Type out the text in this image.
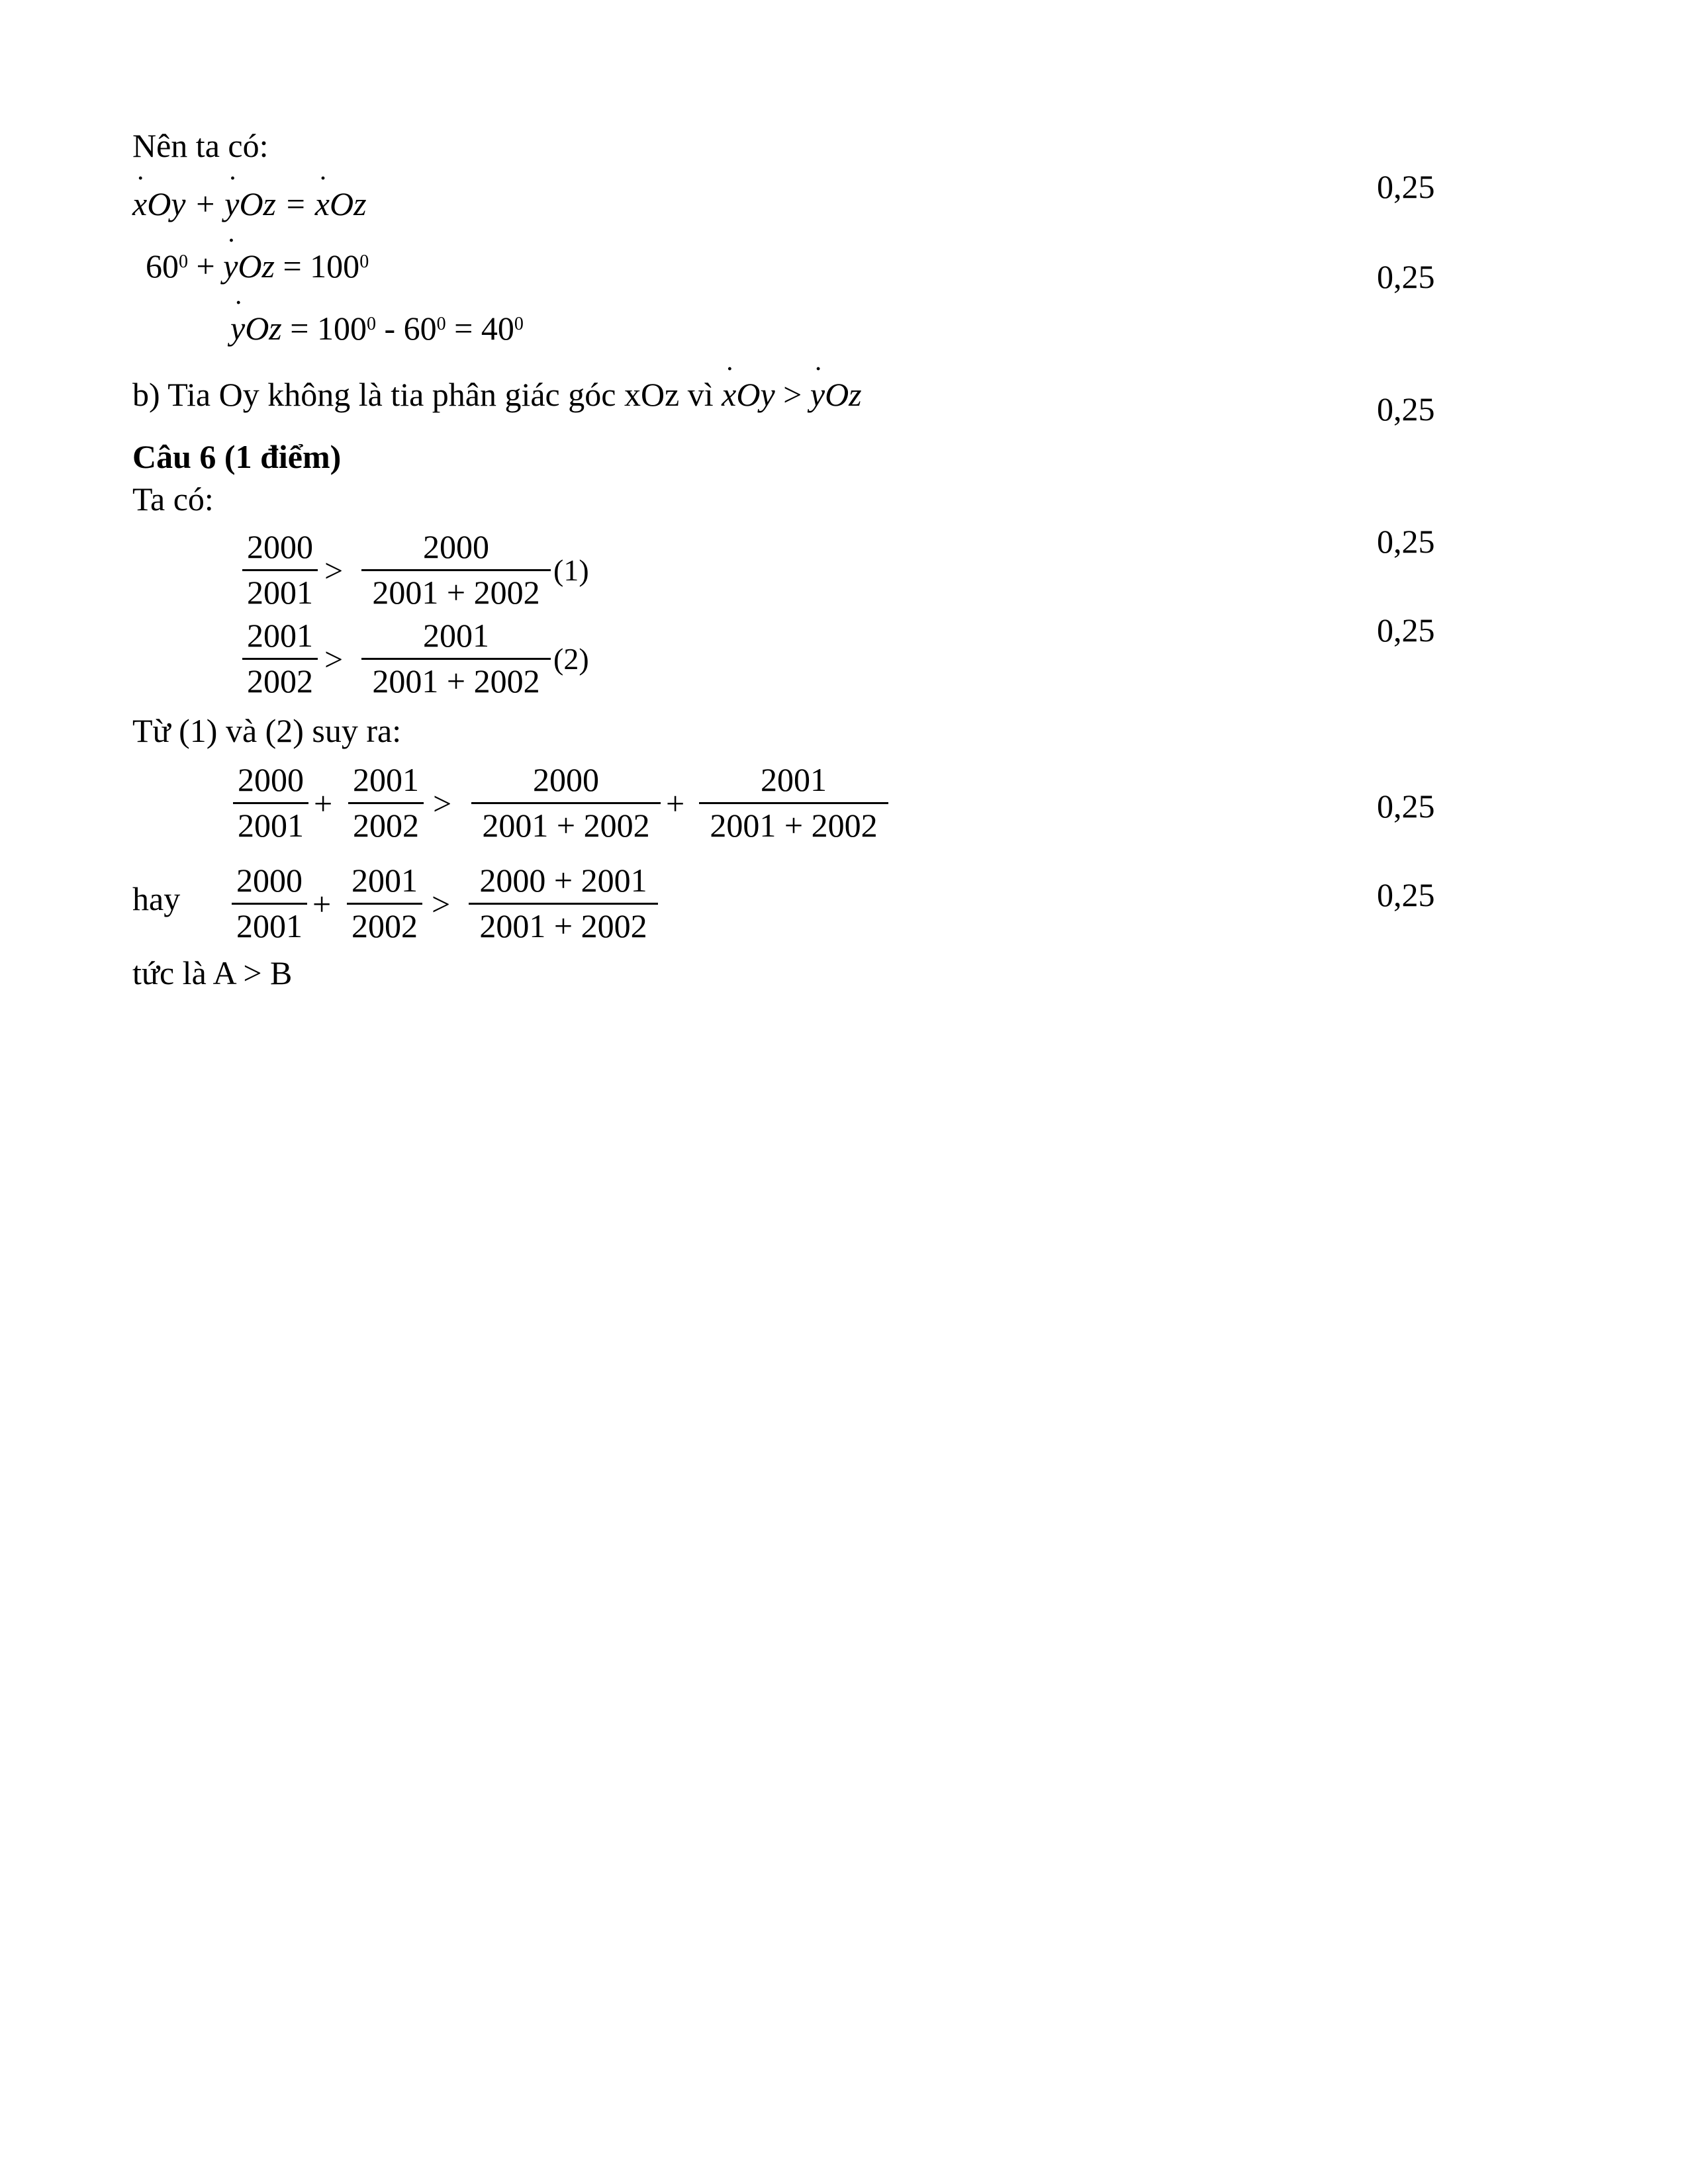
Nên ta có:
˙ xOy + ˙ yOz = ˙ xOz	0,25
$60^0$ + ˙ yOz = $100^0$	0,25
˙ yOz = $100^0 - 60^0 = 40^0$
b) Tia Oy không là tia phân giác góc xOz vì ˙ xOy > ˙ yOz	0,25
Câu 6 (1 điểm)
Ta có:
2000
2001
>
2000
2001 + 2002
(1)
0,25
2001
2002
>
2001
2001 + 2002
(2)
0,25
Từ (1) và (2) suy ra:
2000
2001
+
2001
2002
>
2000
2001 + 2002
+
2001
2001 + 2002
0,25
hay 2000
2001
+
2001
2002
>
2000 + 2001
2001 + 2002
0,25
tức là A > B
